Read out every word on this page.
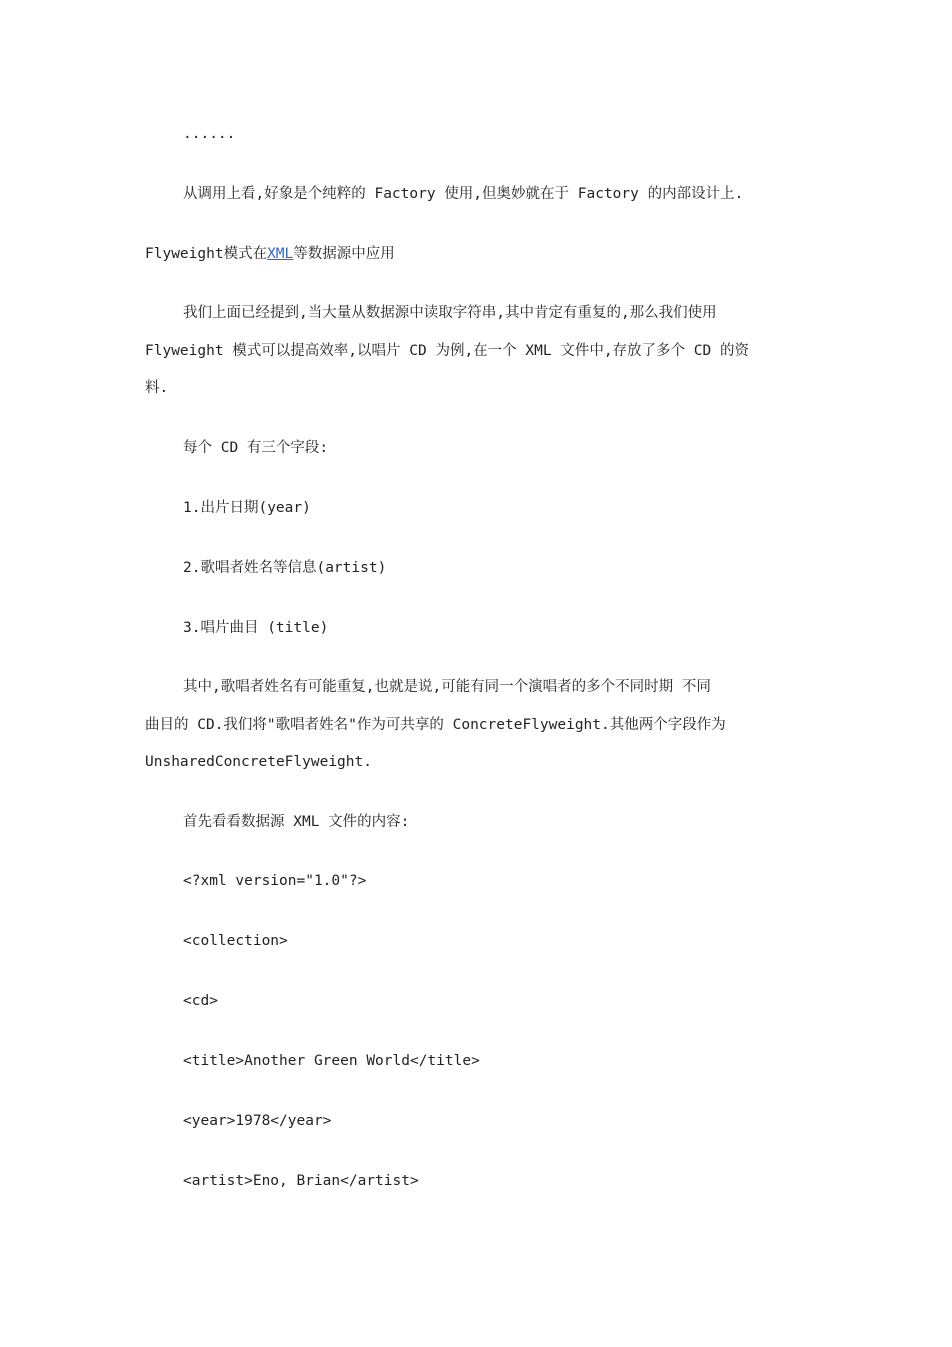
......
从调用上看,好象是个纯粹的 Factory 使用,但奥妙就在于 Factory 的内部设计上.
Flyweight模式在XML等数据源中应用
我们上面已经提到,当大量从数据源中读取字符串,其中肯定有重复的,那么我们使用
Flyweight 模式可以提高效率,以唱片 CD 为例,在一个 XML 文件中,存放了多个 CD 的资
料.
每个 CD 有三个字段:
1.出片日期(year)
2.歌唱者姓名等信息(artist)
3.唱片曲目 (title)
其中,歌唱者姓名有可能重复,也就是说,可能有同一个演唱者的多个不同时期 不同
曲目的 CD.我们将"歌唱者姓名"作为可共享的 ConcreteFlyweight.其他两个字段作为
UnsharedConcreteFlyweight.
首先看看数据源 XML 文件的内容:
<?xml version="1.0"?>
<collection>
<cd>
<title>Another Green World</title>
<year>1978</year>
<artist>Eno, Brian</artist>
